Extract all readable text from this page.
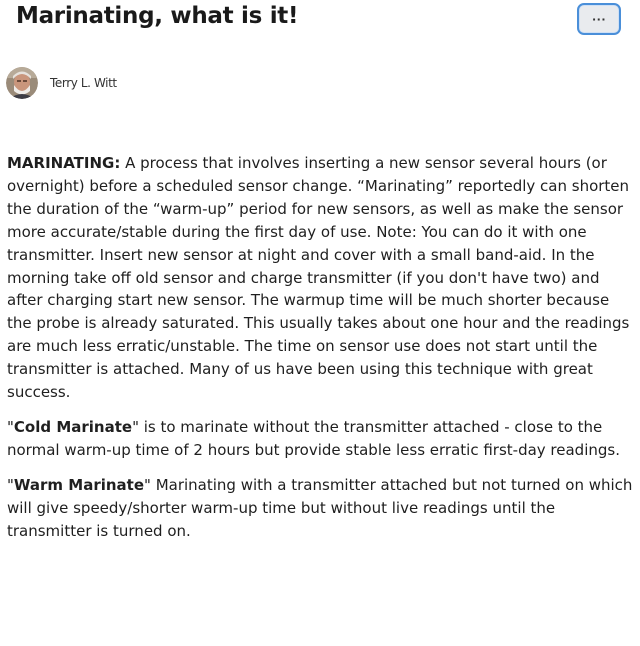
Marinating, what is it!	···
Terry L. Witt

MARINATING: A process that involves inserting a new sensor several hours (or overnight) before a scheduled sensor change. “Marinating” reportedly can shorten the duration of the “warm-up” period for new sensors, as well as make the sensor more accurate/stable during the first day of use. Note: You can do it with one transmitter. Insert new sensor at night and cover with a small band-aid. In the morning take off old sensor and charge transmitter (if you don't have two) and after charging start new sensor. The warmup time will be much shorter because the probe is already saturated. This usually takes about one hour and the readings are much less erratic/unstable. The time on sensor use does not start until the transmitter is attached. Many of us have been using this technique with great success.

"Cold Marinate" is to marinate without the transmitter attached - close to the normal warm-up time of 2 hours but provide stable less erratic first-day readings.

"Warm Marinate" Marinating with a transmitter attached but not turned on which will give speedy/shorter warm-up time but without live readings until the transmitter is turned on.
